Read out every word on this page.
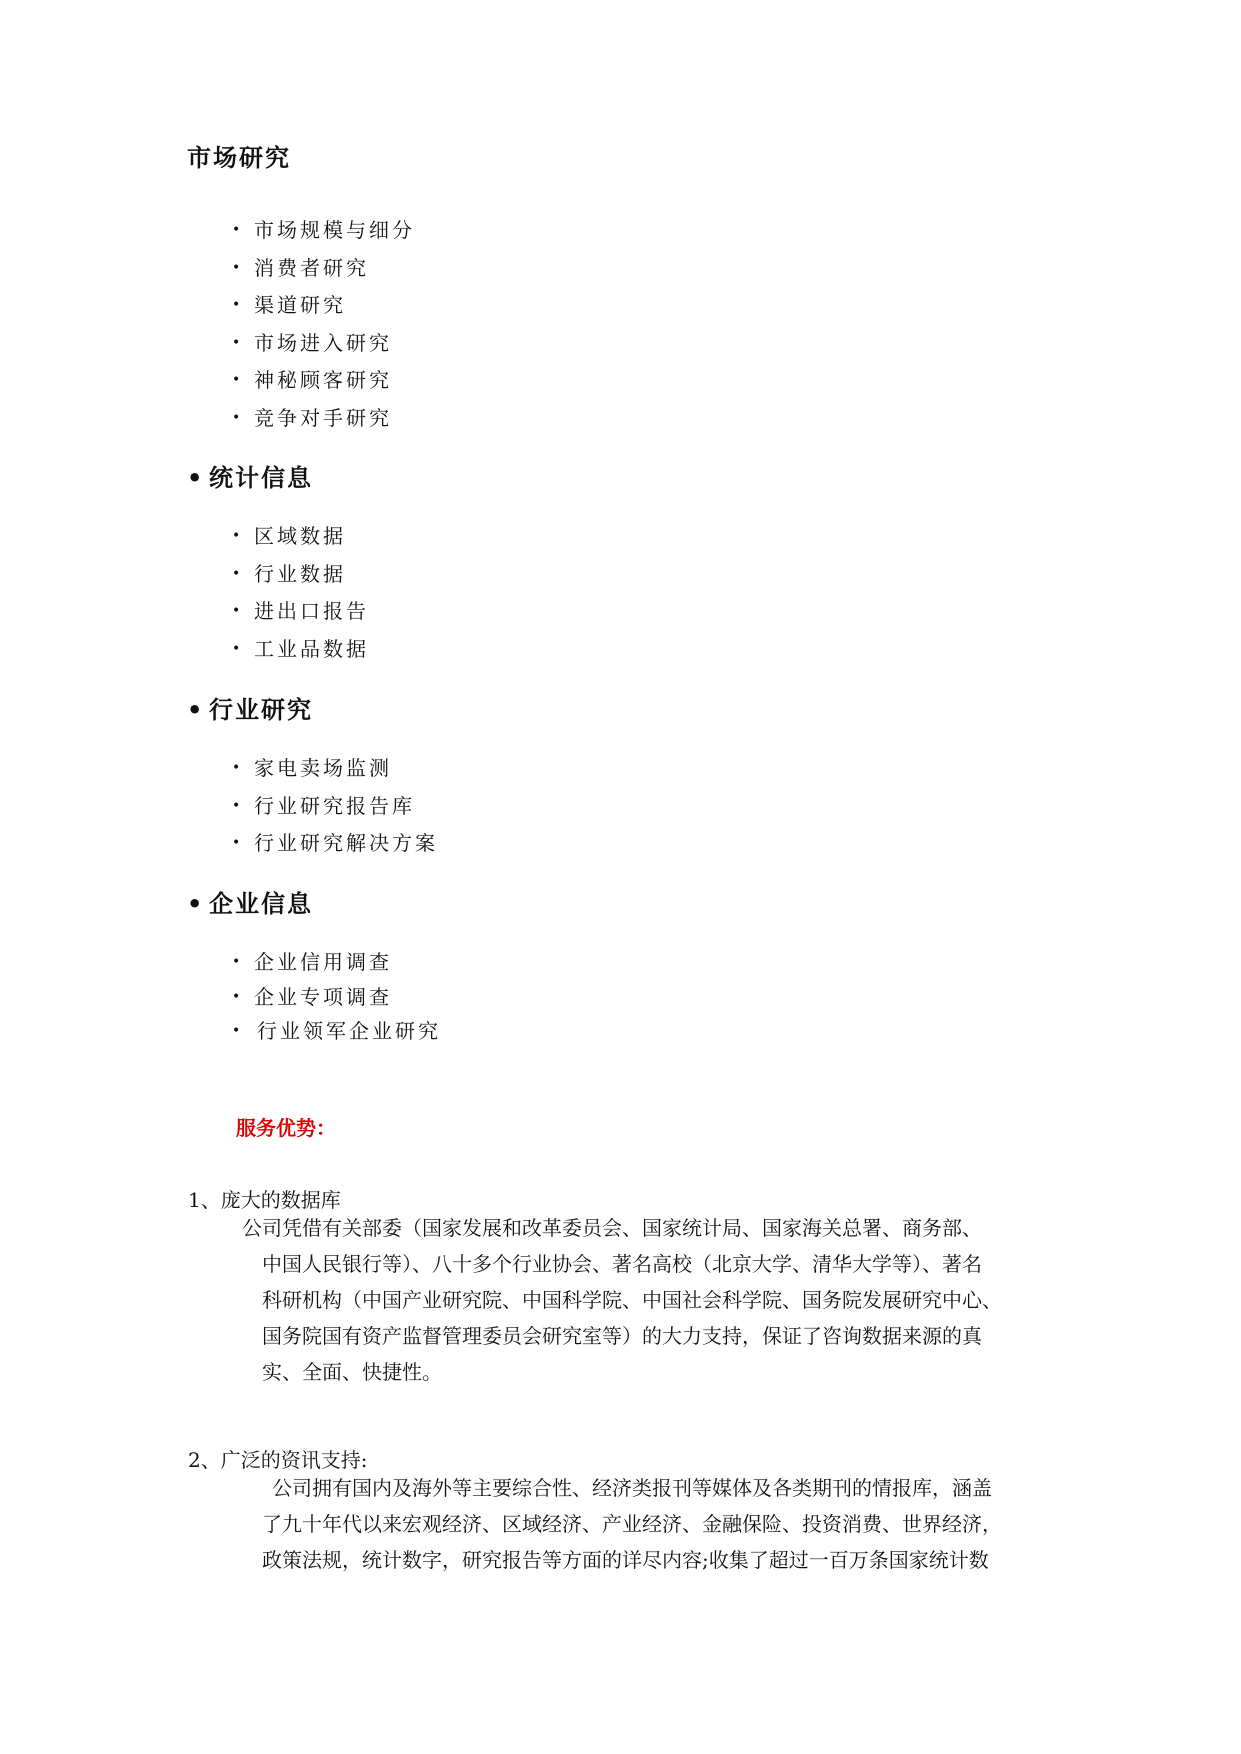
市场研究
• 市场规模与细分
• 消费者研究
• 渠道研究
• 市场进入研究
• 神秘顾客研究
• 竞争对手研究
• 统计信息
• 区域数据
• 行业数据
• 进出口报告
• 工业品数据
• 行业研究
• 家电卖场监测
• 行业研究报告库
• 行业研究解决方案
• 企业信息
• 企业信用调查
• 企业专项调查
• 行业领军企业研究
服务优势：
1、庞大的数据库
公司凭借有关部委（国家发展和改革委员会、国家统计局、国家海关总署、商务部、
中国人民银行等）、八十多个行业协会、著名高校（北京大学、清华大学等）、著名
科研机构（中国产业研究院、中国科学院、中国社会科学院、国务院发展研究中心、
国务院国有资产监督管理委员会研究室等）的大力支持，保证了咨询数据来源的真
实、全面、快捷性。
2、广泛的资讯支持:
公司拥有国内及海外等主要综合性、经济类报刊等媒体及各类期刊的情报库，涵盖
了九十年代以来宏观经济、区域经济、产业经济、金融保险、投资消费、世界经济，
政策法规，统计数字，研究报告等方面的详尽内容;收集了超过一百万条国家统计数
